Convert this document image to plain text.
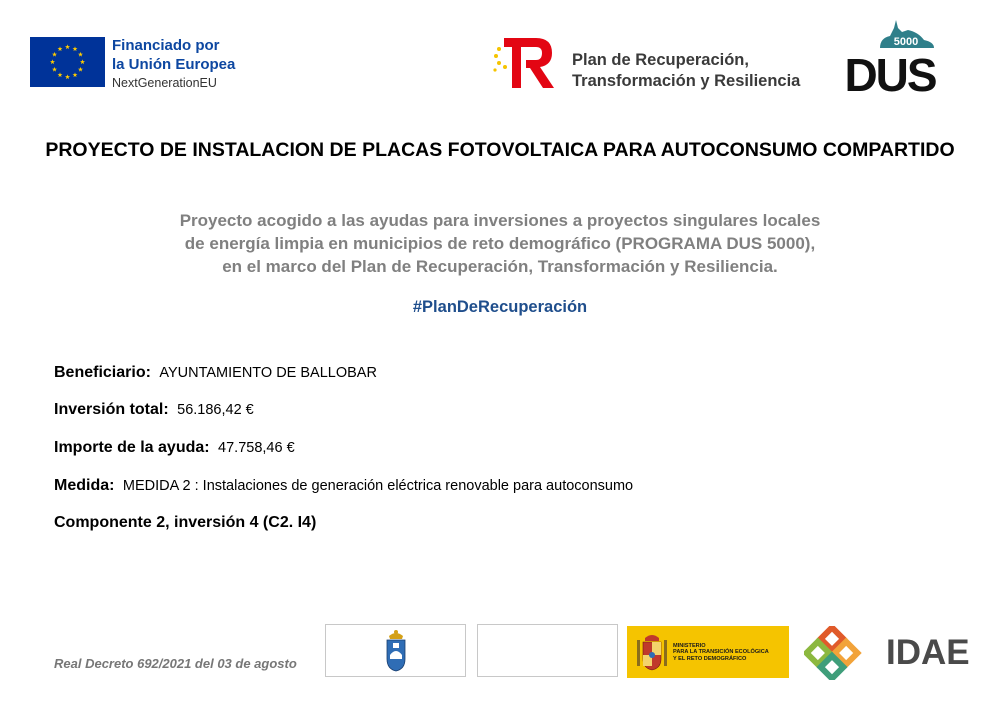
Financiado por
la Unión Europea
NextGenerationEU
Plan de Recuperación,
Transformación y Resiliencia
5000
DUS
PROYECTO DE INSTALACION DE PLACAS FOTOVOLTAICA PARA AUTOCONSUMO COMPARTIDO
Proyecto acogido a las ayudas para inversiones a proyectos singulares locales
de energía limpia en municipios de reto demográfico (PROGRAMA DUS 5000),
en el marco del Plan de Recuperación, Transformación y Resiliencia.
#PlanDeRecuperación
Beneficiario: AYUNTAMIENTO DE BALLOBAR
Inversión total: 56.186,42 €
Importe de la ayuda: 47.758,46 €
Medida: MEDIDA 2 : Instalaciones de generación eléctrica renovable para autoconsumo
Componente 2, inversión 4 (C2. I4)
Real Decreto 692/2021 del 03 de agosto
MINISTERIO
PARA LA TRANSICIÓN ECOLÓGICA
Y EL RETO DEMOGRÁFICO	IDAE
